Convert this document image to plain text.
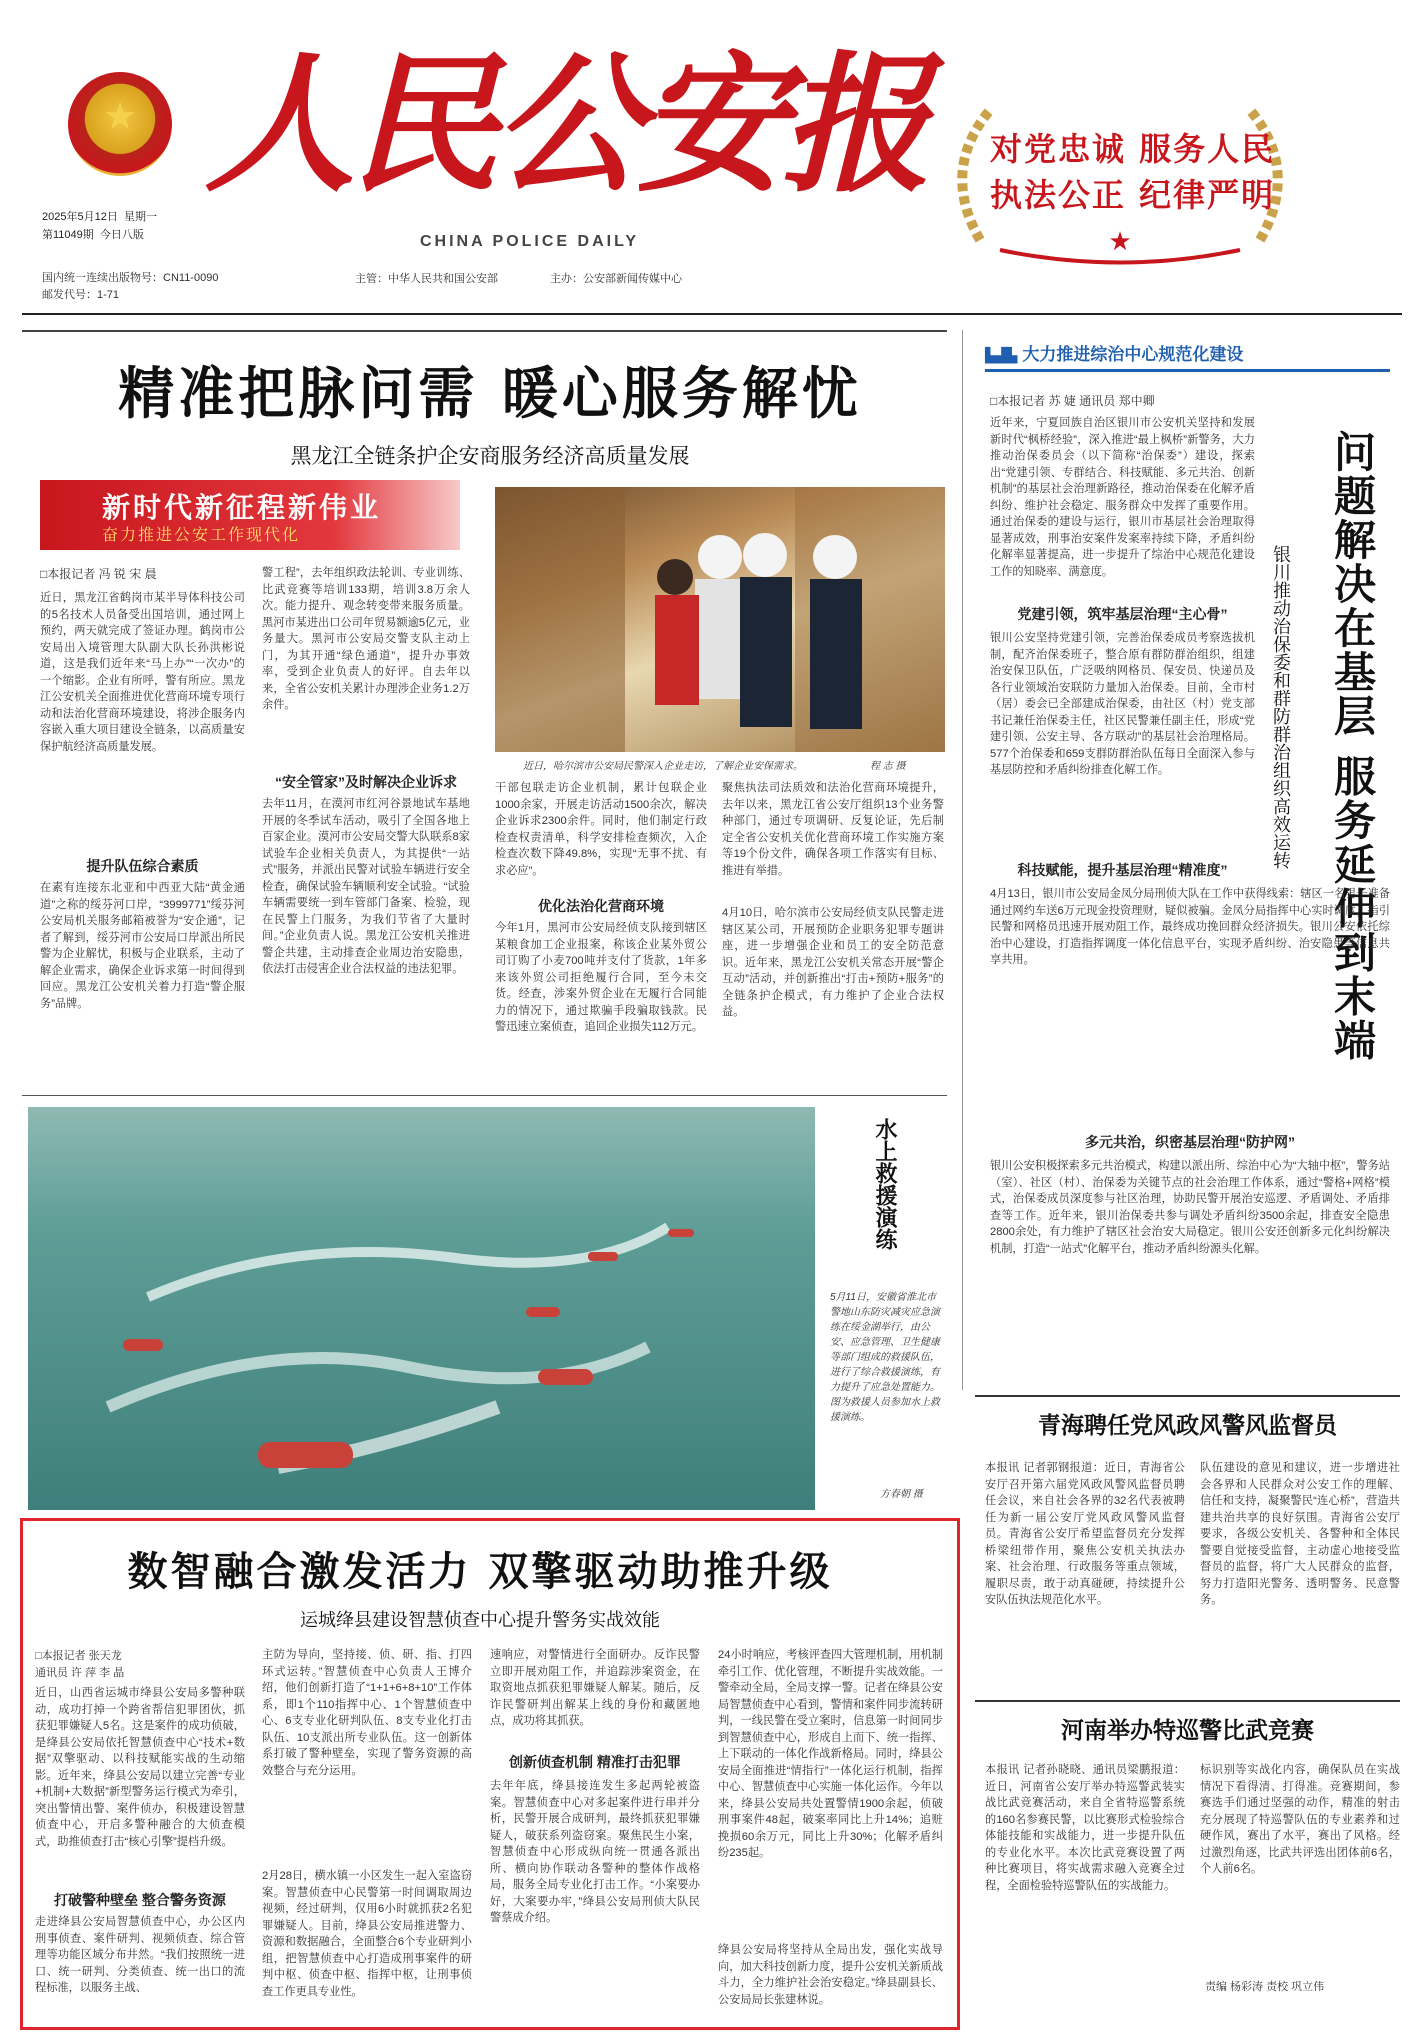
★ 人民公安报
CHINA POLICE DAILY
2025年5月12日 星期一
第11049期 今日八版
国内统一连续出版物号：CN11-0090
邮发代号：1-71
主管：中华人民共和国公安部	主办：公安部新闻传媒中心
★
对党忠诚 服务人民
执法公正 纪律严明
精准把脉问需 暖心服务解忧
黑龙江全链条护企安商服务经济高质量发展
新时代新征程新伟业
奋力推进公安工作现代化
近日，哈尔滨市公安局民警深入企业走访，了解企业安保需求。	程 志 摄
□本报记者 冯 锐 宋 晨
近日，黑龙江省鹤岗市某半导体科技公司的5名技术人员备受出国培训，通过网上预约，两天就完成了签证办理。鹤岗市公安局出入境管理大队副大队长孙洪彬说道，这是我们近年来“马上办”“一次办”的一个缩影。企业有所呼，警有所应。黑龙江公安机关全面推进优化营商环境专项行动和法治化营商环境建设，将涉企服务内容嵌入重大项目建设全链条，以高质量安保护航经济高质量发展。
提升队伍综合素质
在素有连接东北亚和中西亚大陆“黄金通道”之称的绥芬河口岸，“3999771”绥芬河公安局机关服务邮箱被誉为“安企通”，记者了解到，绥芬河市公安局口岸派出所民警为企业解忧，积极与企业联系，主动了解企业需求，确保企业诉求第一时间得到回应。黑龙江公安机关着力打造“警企服务”品牌。
警工程”，去年组织政法轮训、专业训练、比武竞赛等培训133期，培训3.8万余人次。能力提升、观念转变带来服务质量。黑河市某进出口公司年贸易额逾5亿元，业务量大。黑河市公安局交警支队主动上门，为其开通“绿色通道”，提升办事效率，受到企业负责人的好评。自去年以来，全省公安机关累计办理涉企业务1.2万余件。
“安全管家”及时解决企业诉求
去年11月，在漠河市红河谷景地试车基地开展的冬季试车活动，吸引了全国各地上百家企业。漠河市公安局交警大队联系8家试验车企业相关负责人，为其提供“一站式”服务，并派出民警对试验车辆进行安全检查，确保试验车辆顺利安全试验。“试验车辆需要统一到车管部门备案、检验，现在民警上门服务，为我们节省了大量时间。”企业负责人说。黑龙江公安机关推进警企共建，主动排查企业周边治安隐患，依法打击侵害企业合法权益的违法犯罪。
干部包联走访企业机制，累计包联企业1000余家，开展走访活动1500余次，解决企业诉求2300余件。同时，他们制定行政检查权责清单，科学安排检查频次，入企检查次数下降49.8%，实现“无事不扰、有求必应”。
优化法治化营商环境
今年1月，黑河市公安局经侦支队接到辖区某粮食加工企业报案，称该企业某外贸公司订购了小麦700吨并支付了货款，1年多来该外贸公司拒绝履行合同，至今未交货。经查，涉案外贸企业在无履行合同能力的情况下，通过欺骗手段骗取钱款。民警迅速立案侦查，追回企业损失112万元。
聚焦执法司法质效和法治化营商环境提升，去年以来，黑龙江省公安厅组织13个业务警种部门，通过专项调研、反复论证，先后制定全省公安机关优化营商环境工作实施方案等19个份文件，确保各项工作落实有目标、推进有举措。
4月10日，哈尔滨市公安局经侦支队民警走进辖区某公司，开展预防企业职务犯罪专题讲座，进一步增强企业和员工的安全防范意识。近年来，黑龙江公安机关常态开展“警企互动”活动，并创新推出“打击+预防+服务”的全链条护企模式，有力维护了企业合法权益。
水上救援演练
5月11日，安徽省淮北市警地山东防灾减灾应急演练在绥金湖举行，由公安、应急管理、卫生健康等部门组成的救援队伍，进行了综合救援演练，有力提升了应急处置能力。图为救援人员参加水上救援演练。
方春朝 摄
▙▟▙ 大力推进综治中心规范化建设
□本报记者 苏 婕 通讯员 郑中卿
问题解决在基层 服务延伸到末端
银川推动治保委和群防群治组织高效运转
近年来，宁夏回族自治区银川市公安机关坚持和发展新时代“枫桥经验”，深入推进“最上枫桥”新警务，大力推动治保委员会（以下简称“治保委”）建设，探索出“党建引领、专群结合、科技赋能、多元共治、创新机制”的基层社会治理新路径，推动治保委在化解矛盾纠纷、维护社会稳定、服务群众中发挥了重要作用。通过治保委的建设与运行，银川市基层社会治理取得显著成效，刑事治安案件发案率持续下降，矛盾纠纷化解率显著提高，进一步提升了综治中心规范化建设工作的知晓率、满意度。
党建引领，筑牢基层治理“主心骨”
银川公安坚持党建引领，完善治保委成员考察选拔机制，配齐治保委班子，整合原有群防群治组织，组建治安保卫队伍，广泛吸纳网格员、保安员、快递员及各行业领域治安联防力量加入治保委。目前，全市村（居）委会已全部建成治保委，由社区（村）党支部书记兼任治保委主任，社区民警兼任副主任，形成“党建引领、公安主导、各方联动”的基层社会治理格局。577个治保委和659支群防群治队伍每日全面深入参与基层防控和矛盾纠纷排查化解工作。
科技赋能，提升基层治理“精准度”
4月13日，银川市公安局金凤分局刑侦大队在工作中获得线索：辖区一名男子准备通过网约车送6万元现金投资理财，疑似被骗。金凤分局指挥中心实时调度，指引民警和网格员迅速开展劝阻工作，最终成功挽回群众经济损失。银川公安依托综治中心建设，打造指挥调度一体化信息平台，实现矛盾纠纷、治安隐患等信息共享共用。
多元共治，织密基层治理“防护网”
银川公安积极探索多元共治模式，构建以派出所、综治中心为“大轴中枢”，警务站（室）、社区（村）、治保委为关键节点的社会治理工作体系，通过“警格+网格”模式，治保委成员深度参与社区治理，协助民警开展治安巡逻、矛盾调处、矛盾排查等工作。近年来，银川治保委共参与调处矛盾纠纷3500余起，排查安全隐患2800余处，有力维护了辖区社会治安大局稳定。银川公安还创新多元化纠纷解决机制，打造“一站式”化解平台，推动矛盾纠纷源头化解。
青海聘任党风政风警风监督员
本报讯 记者郭钢报道：近日，青海省公安厅召开第六届党风政风警风监督员聘任会议，来自社会各界的32名代表被聘任为新一届公安厅党风政风警风监督员。青海省公安厅希望监督员充分发挥桥梁纽带作用，聚焦公安机关执法办案、社会治理、行政服务等重点领域，履职尽责，敢于动真碰硬，持续提升公安队伍执法规范化水平。
队伍建设的意见和建议，进一步增进社会各界和人民群众对公安工作的理解、信任和支持，凝聚警民“连心桥”，营造共建共治共享的良好氛围。青海省公安厅要求，各级公安机关、各警种和全体民警要自觉接受监督，主动虚心地接受监督员的监督，将广大人民群众的监督，努力打造阳光警务、透明警务、民意警务。
河南举办特巡警比武竞赛
本报讯 记者孙晓晓、通讯员梁鹏报道：近日，河南省公安厅举办特巡警武装实战比武竞赛活动，来自全省特巡警系统的160名参赛民警，以比赛形式检验综合体能技能和实战能力，进一步提升队伍的专业化水平。本次比武竞赛设置了两种比赛项目，将实战需求融入竞赛全过程，全面检验特巡警队伍的实战能力。
标识别等实战化内容，确保队员在实战情况下看得清、打得准。竞赛期间，参赛选手们通过坚强的动作，精准的射击充分展现了特巡警队伍的专业素养和过硬作风，赛出了水平，赛出了风格。经过激烈角逐，比武共评选出团体前6名，个人前6名。
责编 杨彩涛 责校 巩立伟
数智融合激发活力 双擎驱动助推升级
运城绛县建设智慧侦查中心提升警务实战效能
□本报记者 张天龙
通讯员 许 萍 李 晶
近日，山西省运城市绛县公安局多警种联动，成功打掉一个跨省帮信犯罪团伙，抓获犯罪嫌疑人5名。这是案件的成功侦破，是绛县公安局依托智慧侦查中心“技术+数据”双擎驱动、以科技赋能实战的生动缩影。近年来，绛县公安局以建立完善“专业+机制+大数据”新型警务运行模式为牵引，突出警情出警、案件侦办，积极建设智慧侦查中心，开启多警种融合的大侦查模式，助推侦查打击“核心引擎”提档升级。
打破警种壁垒 整合警务资源
走进绛县公安局智慧侦查中心，办公区内刑事侦查、案件研判、视频侦查、综合管理等功能区域分布井然。“我们按照统一进口、统一研判、分类侦查、统一出口的流程标准，以服务主战、
主防为导向，坚持接、侦、研、指、打四环式运转。”智慧侦查中心负责人王博介绍，他们创新打造了“1+1+6+8+10”工作体系，即1个110指挥中心、1个智慧侦查中心、6支专业化研判队伍、8支专业化打击队伍、10支派出所专业队伍。这一创新体系打破了警种壁垒，实现了警务资源的高效整合与充分运用。
2月28日，横水镇一小区发生一起入室盗窃案。智慧侦查中心民警第一时间调取周边视频，经过研判，仅用6小时就抓获2名犯罪嫌疑人。目前，绛县公安局推进警力、资源和数据融合，全面整合6个专业研判小组，把智慧侦查中心打造成刑事案件的研判中枢、侦查中枢、指挥中枢，让刑事侦查工作更具专业性。
速响应，对警情进行全面研办。反诈民警立即开展劝阻工作，并追踪涉案资金，在取资地点抓获犯罪嫌疑人解某。随后，反诈民警研判出解某上线的身份和藏匿地点，成功将其抓获。
创新侦查机制 精准打击犯罪
去年年底，绛县接连发生多起两轮被盗案。智慧侦查中心对多起案件进行串并分析，民警开展合成研判，最终抓获犯罪嫌疑人，破获系列盗窃案。聚焦民生小案，智慧侦查中心形成纵向统一贯通各派出所、横向协作联动各警种的整体作战格局，服务全局专业化打击工作。“小案要办好，大案要办牢，”绛县公安局刑侦大队民警蔡成介绍。
24小时响应，考核评查四大管理机制，用机制牵引工作、优化管理，不断提升实战效能。一警牵动全局，全局支撑一警。记者在绛县公安局智慧侦查中心看到，警情和案件同步流转研判，一线民警在受立案时，信息第一时间同步到智慧侦查中心，形成自上而下、统一指挥、上下联动的一体化作战新格局。同时，绛县公安局全面推进“情指行”一体化运行机制，指挥中心、智慧侦查中心实施一体化运作。今年以来，绛县公安局共处置警情1900余起，侦破刑事案件48起，破案率同比上升14%；追赃挽损60余万元，同比上升30%；化解矛盾纠纷235起。
绛县公安局将坚持从全局出发，强化实战导向，加大科技创新力度，提升公安机关新质战斗力，全力维护社会治安稳定。”绛县副县长、公安局局长张建林说。
